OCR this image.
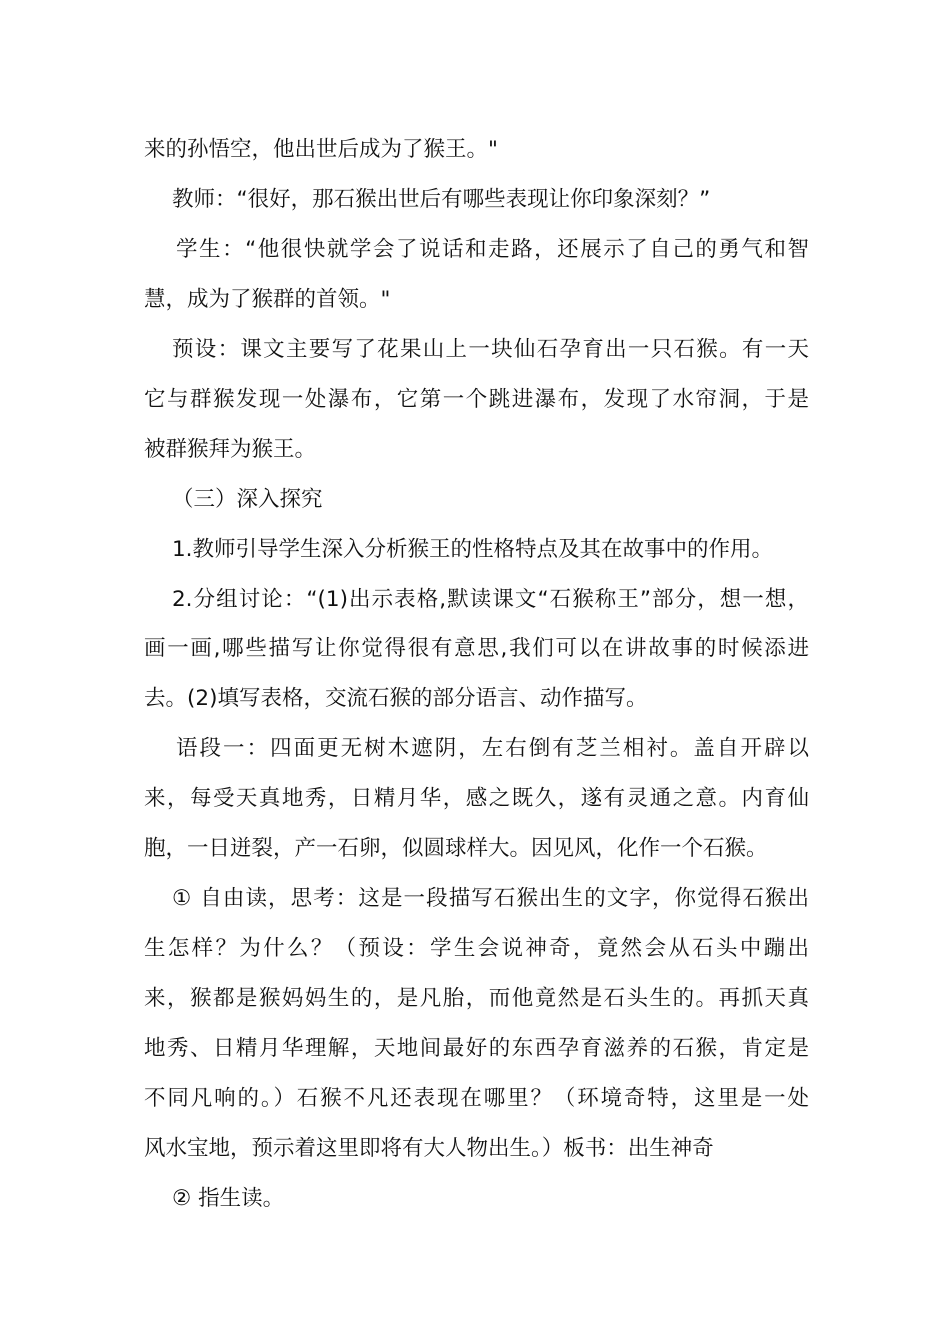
来的孙悟空，他出世后成为了猴王。"
教师：“很好，那石猴出世后有哪些表现让你印象深刻？”
学生：“他很快就学会了说话和走路，还展示了自己的勇气和智
慧，成为了猴群的首领。"
预设：课文主要写了花果山上一块仙石孕育出一只石猴。有一天
它与群猴发现一处瀑布，它第一个跳进瀑布，发现了水帘洞，于是
被群猴拜为猴王。
（三）深入探究
1.教师引导学生深入分析猴王的性格特点及其在故事中的作用。
2.分组讨论：“(1)出示表格,默读课文“石猴称王”部分，想一想，
画一画,哪些描写让你觉得很有意思,我们可以在讲故事的时候添进
去。(2)填写表格，交流石猴的部分语言、动作描写。
语段一：四面更无树木遮阴，左右倒有芝兰相衬。盖自开辟以
来，每受天真地秀，日精月华，感之既久，遂有灵通之意。内育仙
胞，一日迸裂，产一石卵，似圆球样大。因见风，化作一个石猴。
① 自由读，思考：这是一段描写石猴出生的文字，你觉得石猴出
生怎样？为什么？（预设：学生会说神奇，竟然会从石头中蹦出
来，猴都是猴妈妈生的，是凡胎，而他竟然是石头生的。再抓天真
地秀、日精月华理解，天地间最好的东西孕育滋养的石猴，肯定是
不同凡响的。）石猴不凡还表现在哪里？（环境奇特，这里是一处
风水宝地，预示着这里即将有大人物出生。）板书：出生神奇
② 指生读。
